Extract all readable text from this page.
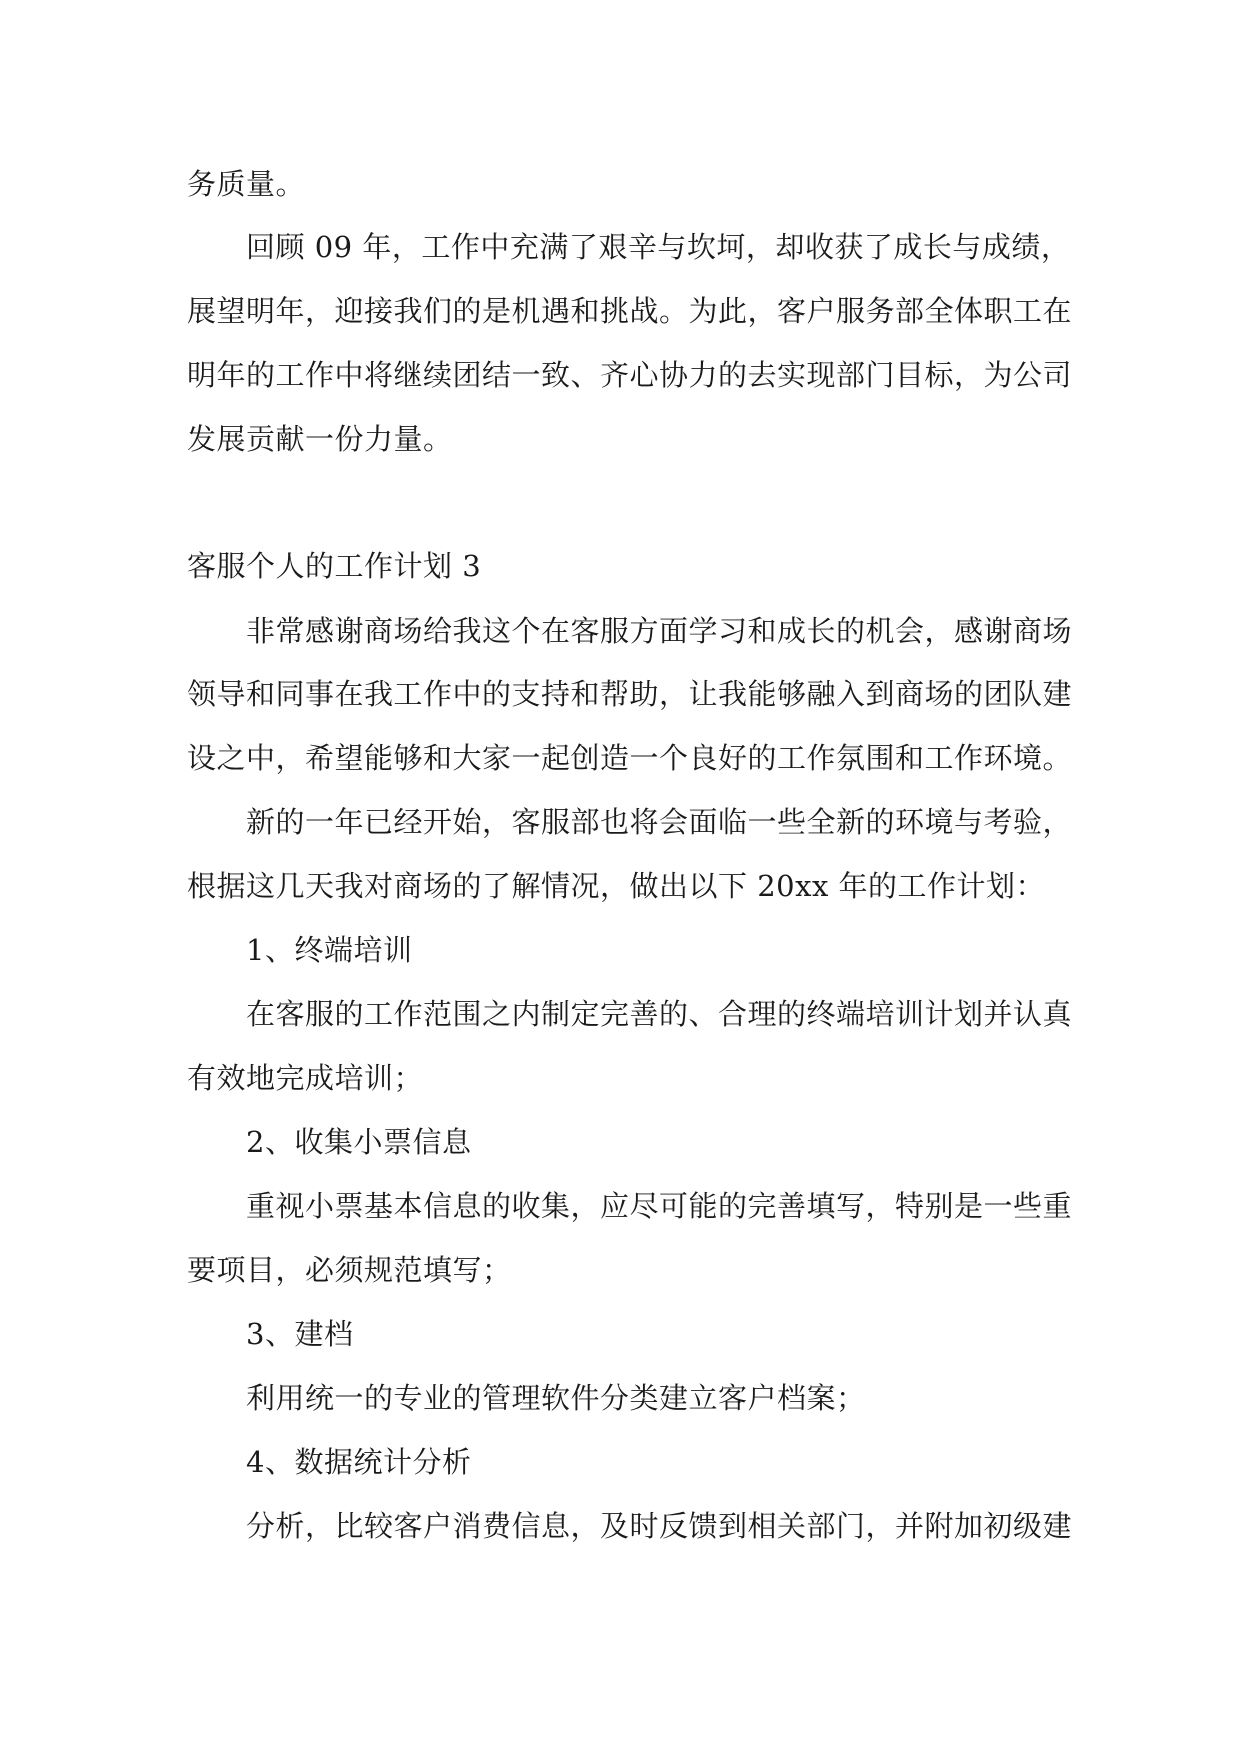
务质量。
回顾 09 年，工作中充满了艰辛与坎坷，却收获了成长与成绩，
展望明年，迎接我们的是机遇和挑战。为此，客户服务部全体职工在
明年的工作中将继续团结一致、齐心协力的去实现部门目标，为公司
发展贡献一份力量。
客服个人的工作计划 3
非常感谢商场给我这个在客服方面学习和成长的机会，感谢商场
领导和同事在我工作中的支持和帮助，让我能够融入到商场的团队建
设之中，希望能够和大家一起创造一个良好的工作氛围和工作环境。
新的一年已经开始，客服部也将会面临一些全新的环境与考验，
根据这几天我对商场的了解情况，做出以下 20xx 年的工作计划：
1、终端培训
在客服的工作范围之内制定完善的、合理的终端培训计划并认真
有效地完成培训；
2、收集小票信息
重视小票基本信息的收集，应尽可能的完善填写，特别是一些重
要项目，必须规范填写；
3、建档
利用统一的专业的管理软件分类建立客户档案；
4、数据统计分析
分析，比较客户消费信息，及时反馈到相关部门，并附加初级建
